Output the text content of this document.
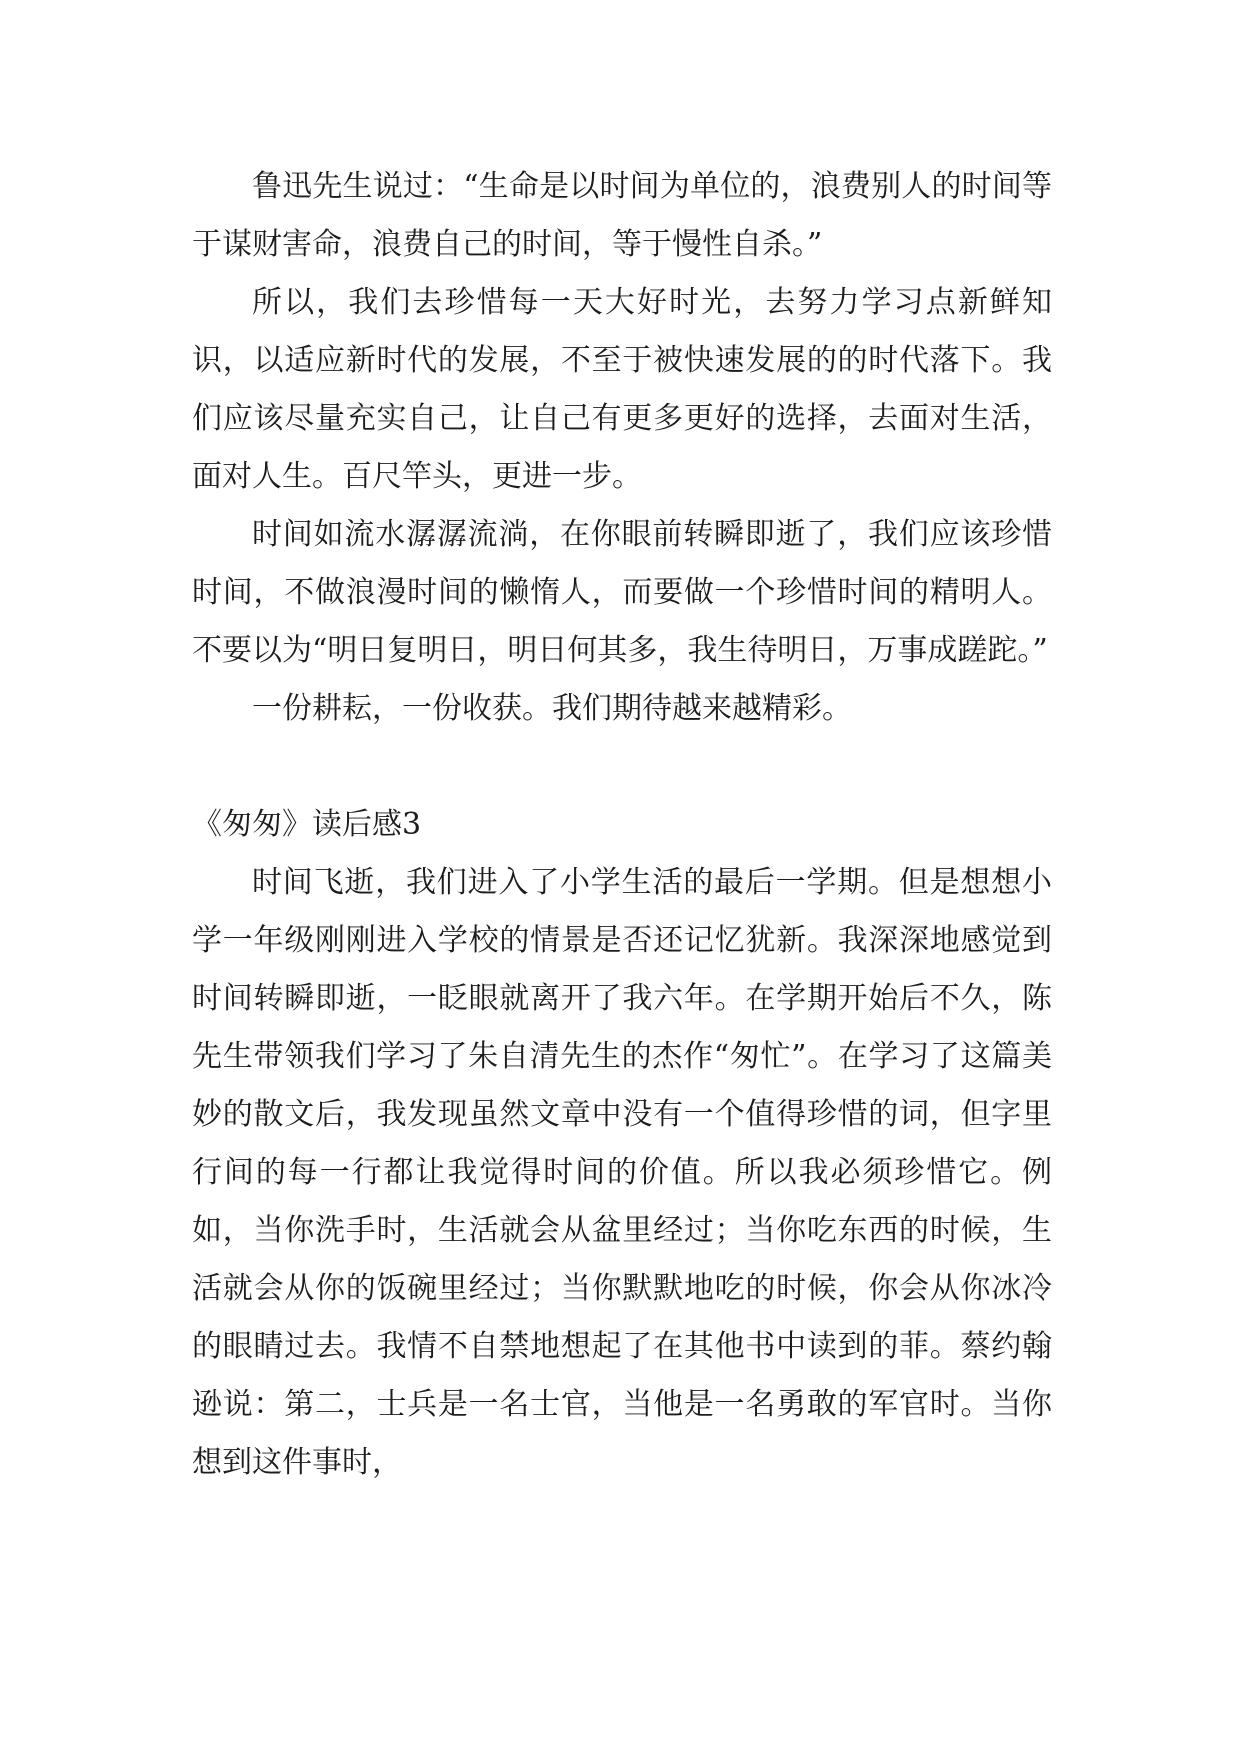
鲁迅先生说过：“生命是以时间为单位的，浪费别人的时间等于谋财害命，浪费自己的时间，等于慢性自杀。”

所以，我们去珍惜每一天大好时光，去努力学习点新鲜知识，以适应新时代的发展，不至于被快速发展的的时代落下。我们应该尽量充实自己，让自己有更多更好的选择，去面对生活，面对人生。百尺竿头，更进一步。

时间如流水潺潺流淌，在你眼前转瞬即逝了，我们应该珍惜时间，不做浪漫时间的懒惰人，而要做一个珍惜时间的精明人。不要以为“明日复明日，明日何其多，我生待明日，万事成蹉跎。”

一份耕耘，一份收获。我们期待越来越精彩。

《匆匆》读后感3

时间飞逝，我们进入了小学生活的最后一学期。但是想想小学一年级刚刚进入学校的情景是否还记忆犹新。我深深地感觉到时间转瞬即逝，一眨眼就离开了我六年。在学期开始后不久，陈先生带领我们学习了朱自清先生的杰作“匆忙”。在学习了这篇美妙的散文后，我发现虽然文章中没有一个值得珍惜的词，但字里行间的每一行都让我觉得时间的价值。所以我必须珍惜它。例如，当你洗手时，生活就会从盆里经过；当你吃东西的时候，生活就会从你的饭碗里经过；当你默默地吃的时候，你会从你冰冷的眼睛过去。我情不自禁地想起了在其他书中读到的菲。蔡约翰逊说：第二，士兵是一名士官，当他是一名勇敢的军官时。当你想到这件事时，
